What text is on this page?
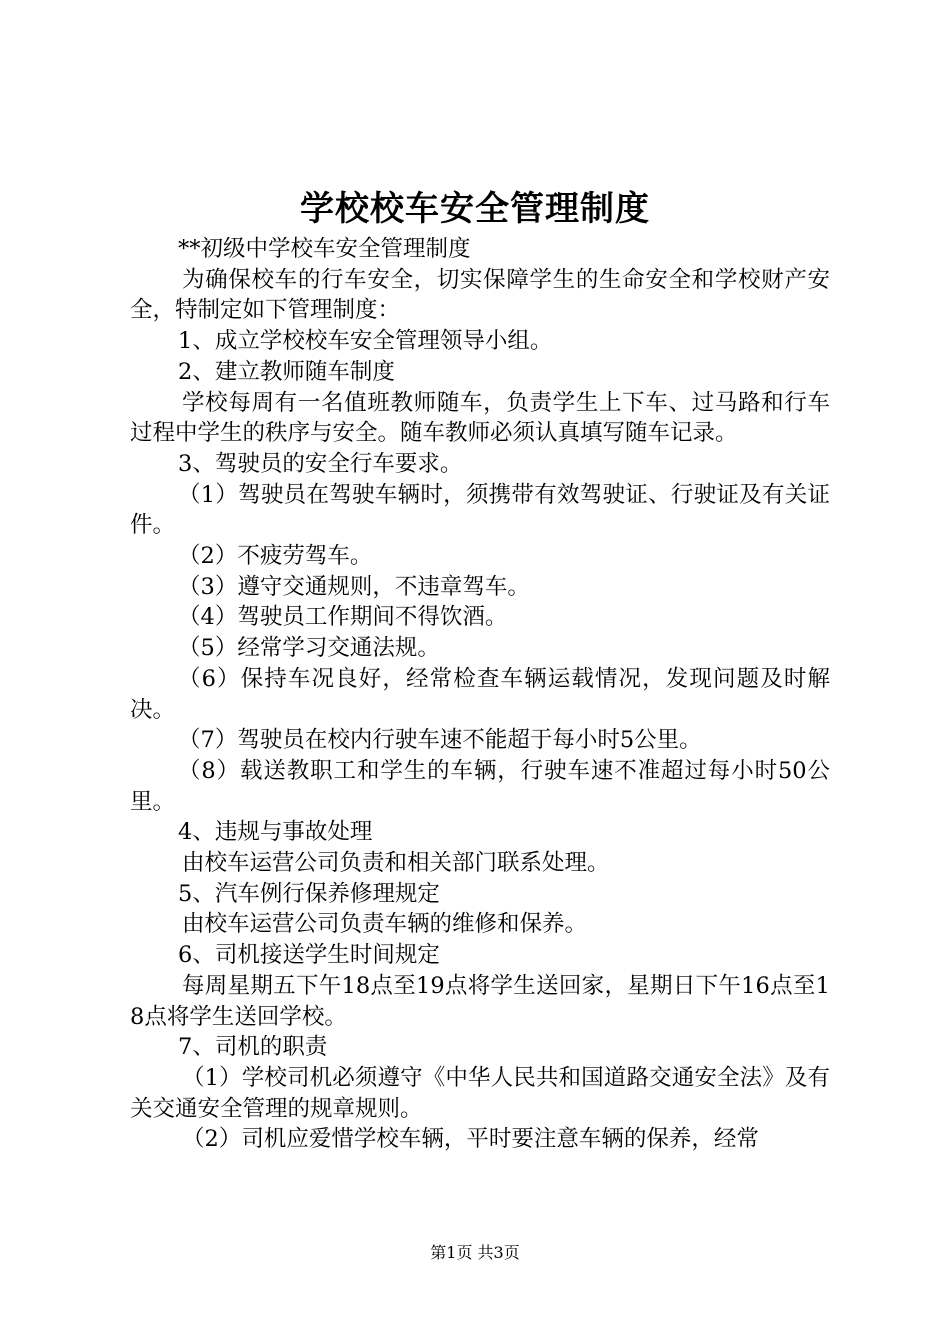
学校校车安全管理制度

**初级中学校车安全管理制度

为确保校车的行车安全，切实保障学生的生命安全和学校财产安全，特制定如下管理制度：

1、成立学校校车安全管理领导小组。

2、建立教师随车制度

学校每周有一名值班教师随车，负责学生上下车、过马路和行车过程中学生的秩序与安全。随车教师必须认真填写随车记录。

3、驾驶员的安全行车要求。

（1）驾驶员在驾驶车辆时，须携带有效驾驶证、行驶证及有关证件。

（2）不疲劳驾车。

（3）遵守交通规则，不违章驾车。

（4）驾驶员工作期间不得饮酒。

（5）经常学习交通法规。

（6）保持车况良好，经常检查车辆运载情况，发现问题及时解决。

（7）驾驶员在校内行驶车速不能超于每小时5公里。

（8）载送教职工和学生的车辆，行驶车速不准超过每小时50公里。

4、违规与事故处理

由校车运营公司负责和相关部门联系处理。

5、汽车例行保养修理规定

由校车运营公司负责车辆的维修和保养。

6、司机接送学生时间规定

每周星期五下午18点至19点将学生送回家，星期日下午16点至18点将学生送回学校。

7、司机的职责

（1）学校司机必须遵守《中华人民共和国道路交通安全法》及有关交通安全管理的规章规则。

（2）司机应爱惜学校车辆，平时要注意车辆的保养，经常

第1页 共3页
